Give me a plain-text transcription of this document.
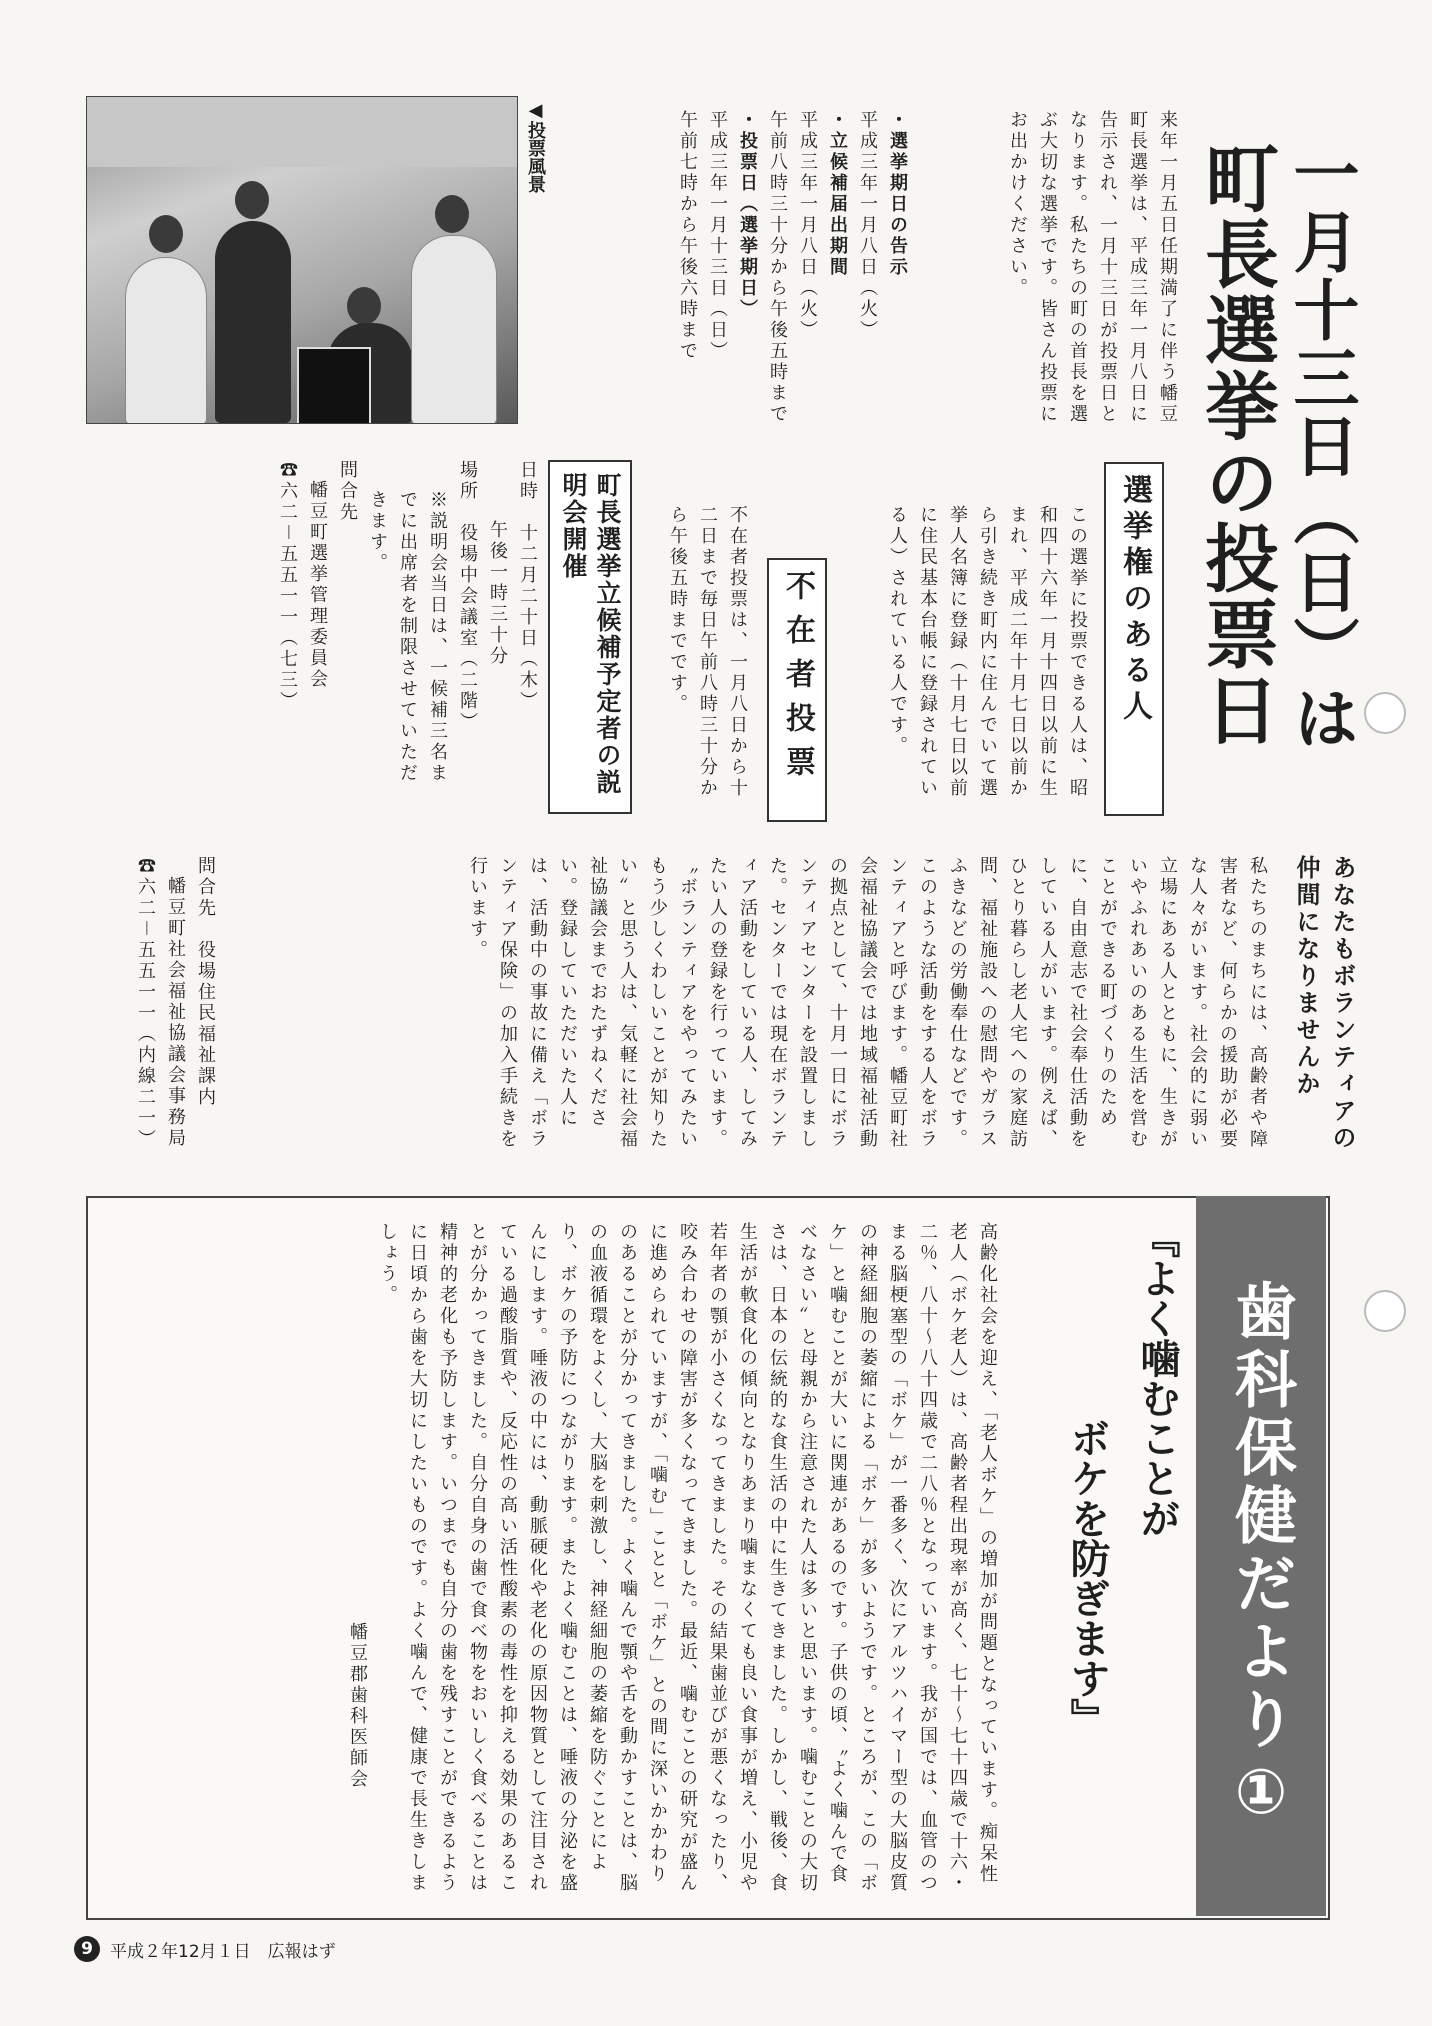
一月十三日（日）は
町長選挙の投票日

来年一月五日任期満了に伴う幡豆町長選挙は、平成三年一月八日に告示され、一月十三日が投票日となります。私たちの町の首長を選ぶ大切な選挙です。皆さん投票にお出かけください。

・選挙期日の告示

平成三年一月八日（火）

・立候補届出期間

平成三年一月八日（火）

午前八時三十分から午後五時まで

・投票日（選挙期日）

平成三年一月十三日（日）

午前七時から午後六時まで

◀投票風景
選挙権のある人

この選挙に投票できる人は、昭和四十六年一月十四日以前に生まれ、平成二年十月七日以前から引き続き町内に住んでいて選挙人名簿に登録（十月七日以前に住民基本台帳に登録されている人）されている人です。

不在者投票

不在者投票は、一月八日から十二日まで毎日午前八時三十分から午後五時までです。

町長選挙立候補予定者の説明会開催

日時　十二月二十日（木）

午後一時三十分

場所　役場中会議室（二階）

※説明会当日は、一候補三名までに出席者を制限させていただきます。

問合先

幡豆町選挙管理委員会

☎六二－五五一一（七三）

あなたもボランティアの仲間になりませんか

私たちのまちには、高齢者や障害者など、何らかの援助が必要な人々がいます。社会的に弱い立場にある人とともに、生きがいやふれあいのある生活を営むことができる町づくりのために、自由意志で社会奉仕活動をしている人がいます。例えば、ひとり暮らし老人宅への家庭訪問、福祉施設への慰問やガラスふきなどの労働奉仕などです。このような活動をする人をボランティアと呼びます。幡豆町社会福祉協議会では地域福祉活動の拠点として、十月一日にボランティアセンターを設置しました。センターでは現在ボランティア活動をしている人、してみたい人の登録を行っています。〝ボランティアをやってみたいもう少しくわしいことが知りたい〟と思う人は、気軽に社会福祉協議会までおたずねください。登録していただいた人には、活動中の事故に備え「ボランティア保険」の加入手続きを行います。

問合先　役場住民福祉課内

幡豆町社会福祉協議会事務局

☎六二－五五一一（内線二一）

歯科保健だより①
『よく噛むことが
ボケを防ぎます』

高齢化社会を迎え、「老人ボケ」の増加が問題となっています。痴呆性老人（ボケ老人）は、高齢者程出現率が高く、七十～七十四歳で十六・二％、八十～八十四歳で二八％となっています。我が国では、血管のつまる脳梗塞型の「ボケ」が一番多く、次にアルツハイマー型の大脳皮質の神経細胞の萎縮による「ボケ」が多いようです。ところが、この「ボケ」と噛むことが大いに関連があるのです。子供の頃、〝よく噛んで食べなさい〟と母親から注意された人は多いと思います。噛むことの大切さは、日本の伝統的な食生活の中に生きてきました。しかし、戦後、食生活が軟食化の傾向となりあまり噛まなくても良い食事が増え、小児や若年者の顎が小さくなってきました。その結果歯並びが悪くなったり、咬み合わせの障害が多くなってきました。最近、噛むことの研究が盛んに進められていますが、「噛む」ことと「ボケ」との間に深いかかわりのあることが分かってきました。よく噛んで顎や舌を動かすことは、脳の血液循環をよくし、大脳を刺激し、神経細胞の萎縮を防ぐことにより、ボケの予防につながります。またよく噛むことは、唾液の分泌を盛んにします。唾液の中には、動脈硬化や老化の原因物質として注目されている過酸脂質や、反応性の高い活性酸素の毒性を抑える効果のあることが分かってきました。自分自身の歯で食べ物をおいしく食べることは精神的老化も予防します。いつまでも自分の歯を残すことができるように日頃から歯を大切にしたいものです。よく噛んで、健康で長生きしましょう。

幡豆郡歯科医師会

9	平成２年12月１日　広報はず
